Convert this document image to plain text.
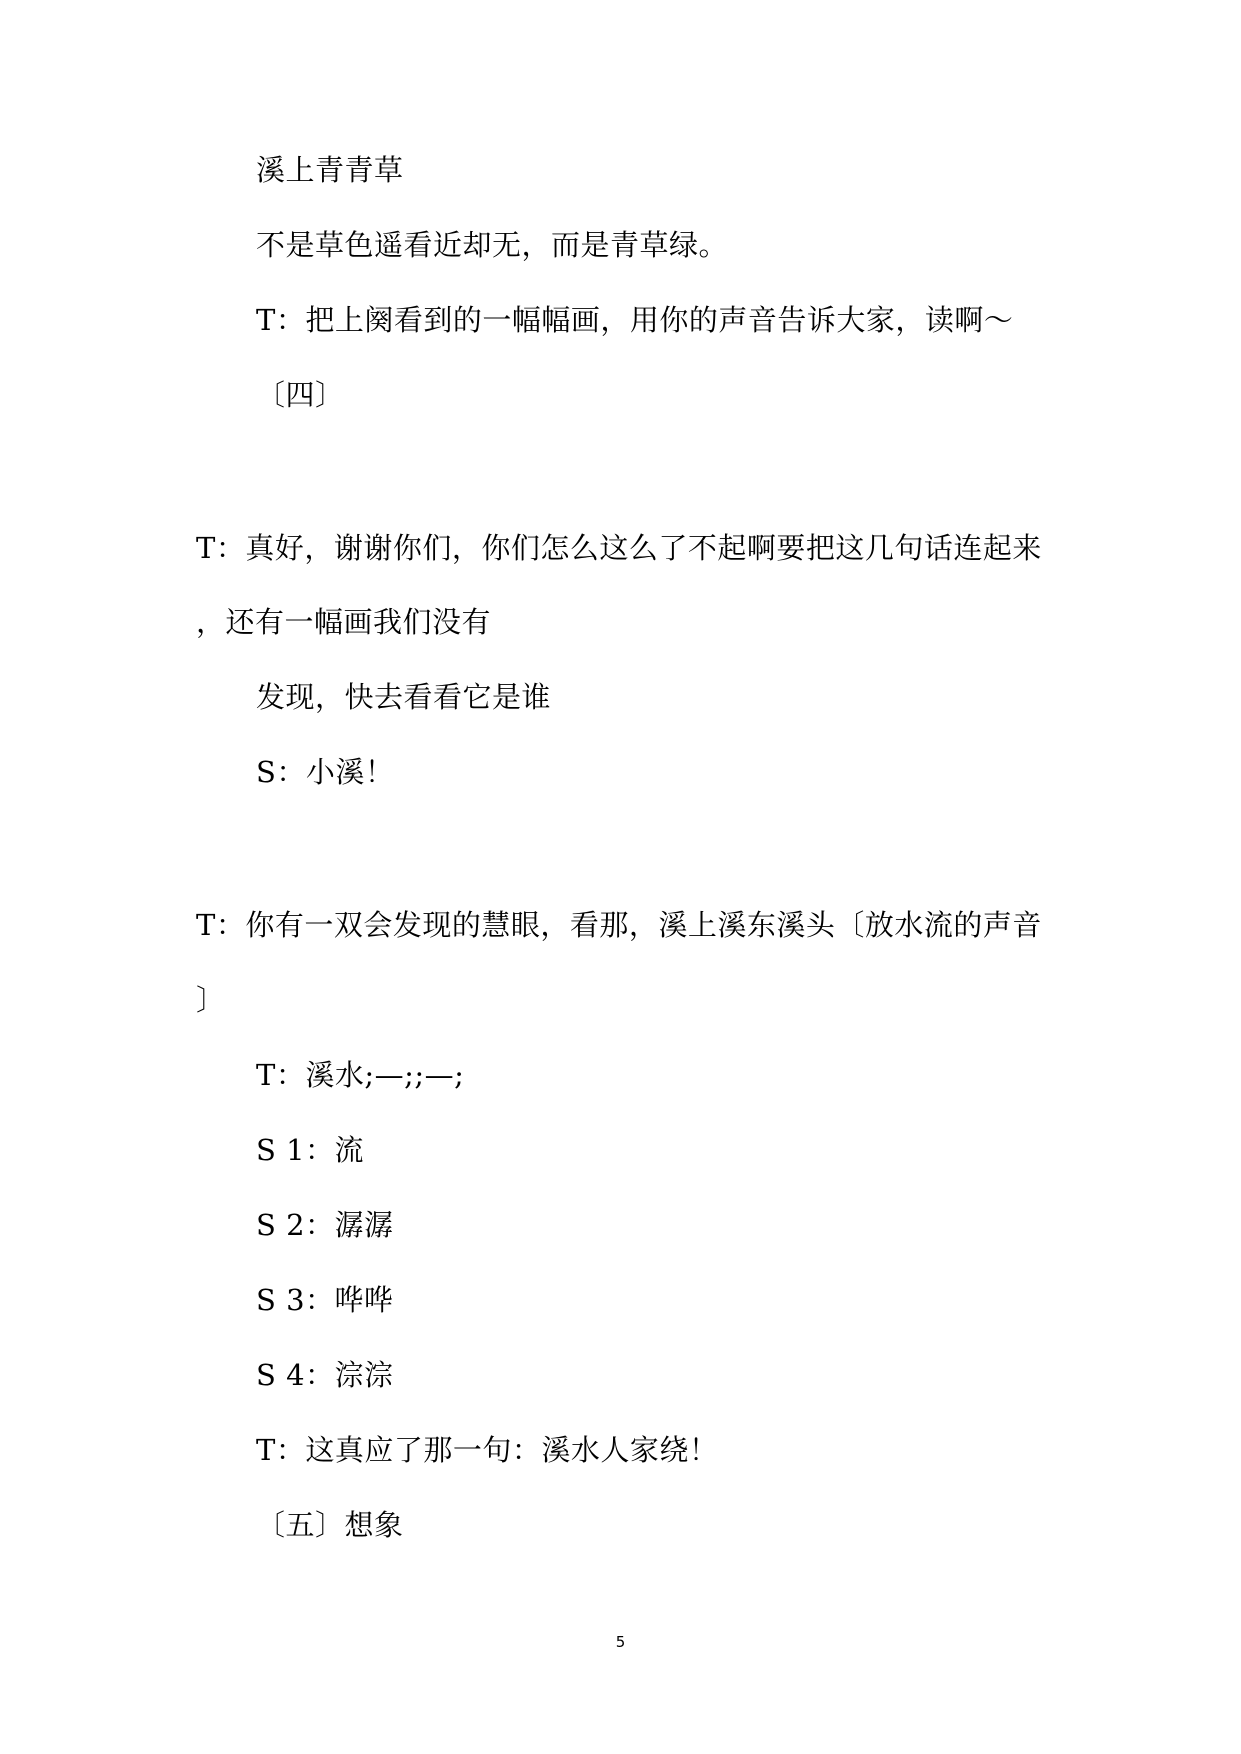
溪上青青草
不是草色遥看近却无，而是青草绿。
T：把上阕看到的一幅幅画，用你的声音告诉大家，读啊～
〔四〕
T：真好，谢谢你们，你们怎么这么了不起啊要把这几句话连起来
，还有一幅画我们没有
发现，快去看看它是谁
S：小溪！
T：你有一双会发现的慧眼，看那，溪上溪东溪头〔放水流的声音
〕
T：溪水;—;;—;
S 1：流
S 2：潺潺
S 3：哗哗
S 4：淙淙
T：这真应了那一句：溪水人家绕！
〔五〕想象
5
